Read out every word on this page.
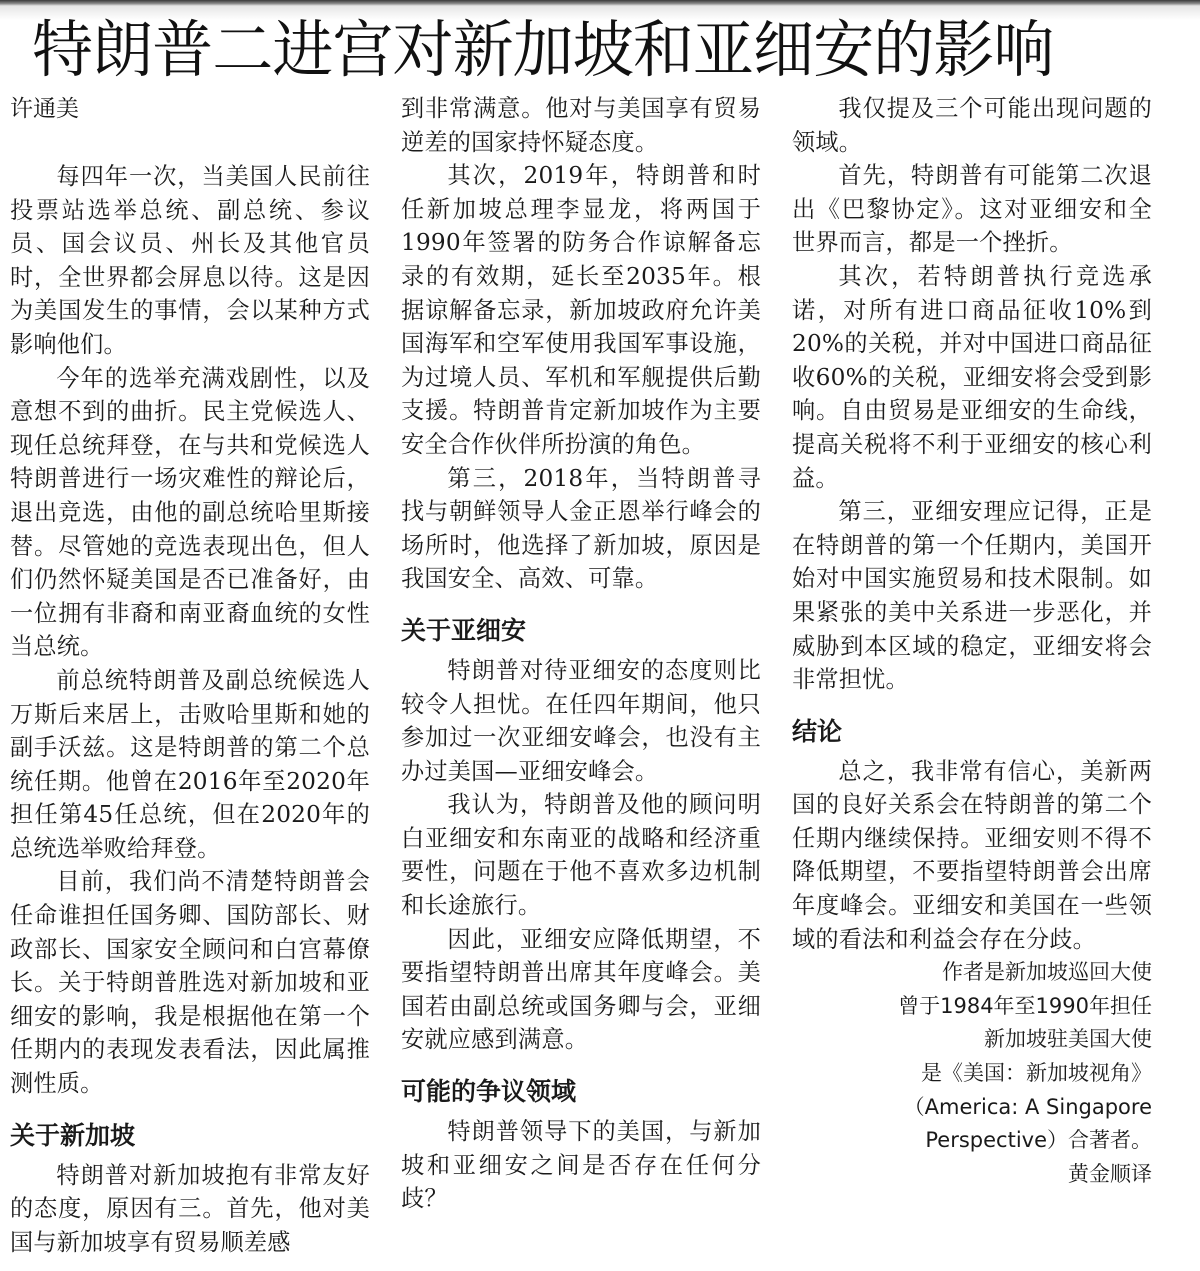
特朗普二进宫对新加坡和亚细安的影响
许通美

每四年一次，当美国人民前往投票站选举总统、副总统、参议员、国会议员、州长及其他官员时，全世界都会屏息以待。这是因为美国发生的事情，会以某种方式影响他们。

今年的选举充满戏剧性，以及意想不到的曲折。民主党候选人、现任总统拜登，在与共和党候选人特朗普进行一场灾难性的辩论后，退出竞选，由他的副总统哈里斯接替。尽管她的竞选表现出色，但人们仍然怀疑美国是否已准备好，由一位拥有非裔和南亚裔血统的女性当总统。

前总统特朗普及副总统候选人万斯后来居上，击败哈里斯和她的副手沃兹。这是特朗普的第二个总统任期。他曾在2016年至2020年担任第45任总统，但在2020年的总统选举败给拜登。

目前，我们尚不清楚特朗普会任命谁担任国务卿、国防部长、财政部长、国家安全顾问和白宫幕僚长。关于特朗普胜选对新加坡和亚细安的影响，我是根据他在第一个任期内的表现发表看法，因此属推测性质。

关于新加坡

特朗普对新加坡抱有非常友好的态度，原因有三。首先，他对美国与新加坡享有贸易顺差感

到非常满意。他对与美国享有贸易逆差的国家持怀疑态度。

其次，2019年，特朗普和时任新加坡总理李显龙，将两国于1990年签署的防务合作谅解备忘录的有效期，延长至2035年。根据谅解备忘录，新加坡政府允许美国海军和空军使用我国军事设施，为过境人员、军机和军舰提供后勤支援。特朗普肯定新加坡作为主要安全合作伙伴所扮演的角色。

第三，2018年，当特朗普寻找与朝鲜领导人金正恩举行峰会的场所时，他选择了新加坡，原因是我国安全、高效、可靠。

关于亚细安

特朗普对待亚细安的态度则比较令人担忧。在任四年期间，他只参加过一次亚细安峰会，也没有主办过美国—亚细安峰会。

我认为，特朗普及他的顾问明白亚细安和东南亚的战略和经济重要性，问题在于他不喜欢多边机制和长途旅行。

因此，亚细安应降低期望，不要指望特朗普出席其年度峰会。美国若由副总统或国务卿与会，亚细安就应感到满意。

可能的争议领域

特朗普领导下的美国，与新加坡和亚细安之间是否存在任何分歧？

我仅提及三个可能出现问题的领域。

首先，特朗普有可能第二次退出《巴黎协定》。这对亚细安和全世界而言，都是一个挫折。

其次，若特朗普执行竞选承诺，对所有进口商品征收10%到20%的关税，并对中国进口商品征收60%的关税，亚细安将会受到影响。自由贸易是亚细安的生命线，提高关税将不利于亚细安的核心利益。

第三，亚细安理应记得，正是在特朗普的第一个任期内，美国开始对中国实施贸易和技术限制。如果紧张的美中关系进一步恶化，并威胁到本区域的稳定，亚细安将会非常担忧。

结论

总之，我非常有信心，美新两国的良好关系会在特朗普的第二个任期内继续保持。亚细安则不得不降低期望，不要指望特朗普会出席年度峰会。亚细安和美国在一些领域的看法和利益会存在分歧。

作者是新加坡巡回大使
曾于1984年至1990年担任
新加坡驻美国大使
是《美国：新加坡视角》
（America: A Singapore
Perspective）合著者。
黄金顺译
